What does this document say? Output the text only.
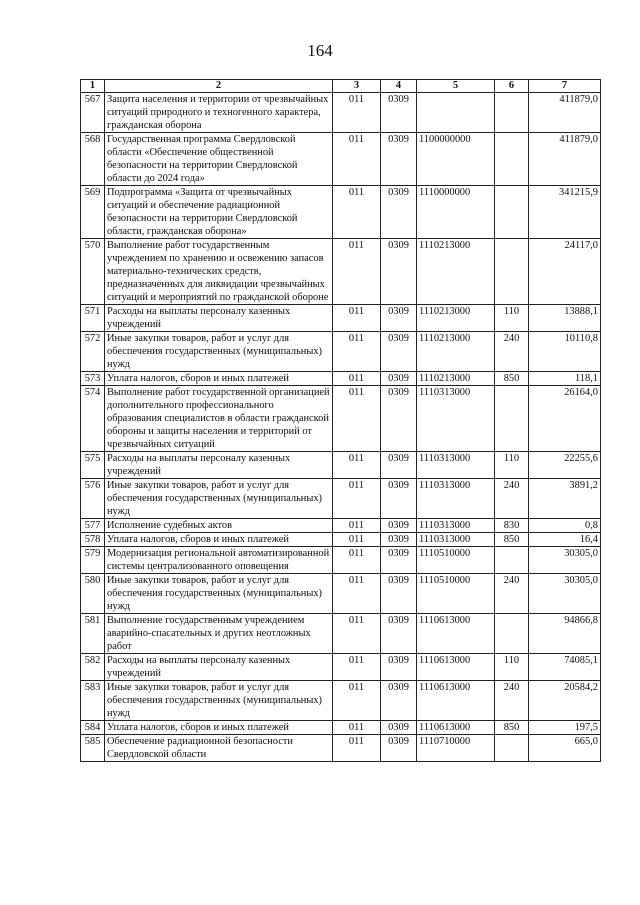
164
1	2	3	4	5	6	7
567	Защита населения и территории от чрезвычайных ситуаций природного и техногенного характера, гражданская оборона	011	0309			411879,0
568	Государственная программа Свердловской области «Обеспечение общественной безопасности на территории Свердловской области до 2024 года»	011	0309	1100000000		411879,0
569	Подпрограмма «Защита от чрезвычайных ситуаций и обеспечение радиационной безопасности на территории Свердловской области, гражданская оборона»	011	0309	1110000000		341215,9
570	Выполнение работ государственным учреждением по хранению и освежению запасов материально-технических средств, предназначенных для ликвидации чрезвычайных ситуаций и мероприятий по гражданской обороне	011	0309	1110213000		24117,0
571	Расходы на выплаты персоналу казенных учреждений	011	0309	1110213000	110	13888,1
572	Иные закупки товаров, работ и услуг для обеспечения государственных (муниципальных) нужд	011	0309	1110213000	240	10110,8
573	Уплата налогов, сборов и иных платежей	011	0309	1110213000	850	118,1
574	Выполнение работ государственной организацией дополнительного профессионального образования специалистов в области гражданской обороны и защиты населения и территорий от чрезвычайных ситуаций	011	0309	1110313000		26164,0
575	Расходы на выплаты персоналу казенных учреждений	011	0309	1110313000	110	22255,6
576	Иные закупки товаров, работ и услуг для обеспечения государственных (муниципальных) нужд	011	0309	1110313000	240	3891,2
577	Исполнение судебных актов	011	0309	1110313000	830	0,8
578	Уплата налогов, сборов и иных платежей	011	0309	1110313000	850	16,4
579	Модернизация региональной автоматизированной системы централизованного оповещения	011	0309	1110510000		30305,0
580	Иные закупки товаров, работ и услуг для обеспечения государственных (муниципальных) нужд	011	0309	1110510000	240	30305,0
581	Выполнение государственным учреждением аварийно-спасательных и других неотложных работ	011	0309	1110613000		94866,8
582	Расходы на выплаты персоналу казенных учреждений	011	0309	1110613000	110	74085,1
583	Иные закупки товаров, работ и услуг для обеспечения государственных (муниципальных) нужд	011	0309	1110613000	240	20584,2
584	Уплата налогов, сборов и иных платежей	011	0309	1110613000	850	197,5
585	Обеспечение радиационной безопасности Свердловской области	011	0309	1110710000		665,0
